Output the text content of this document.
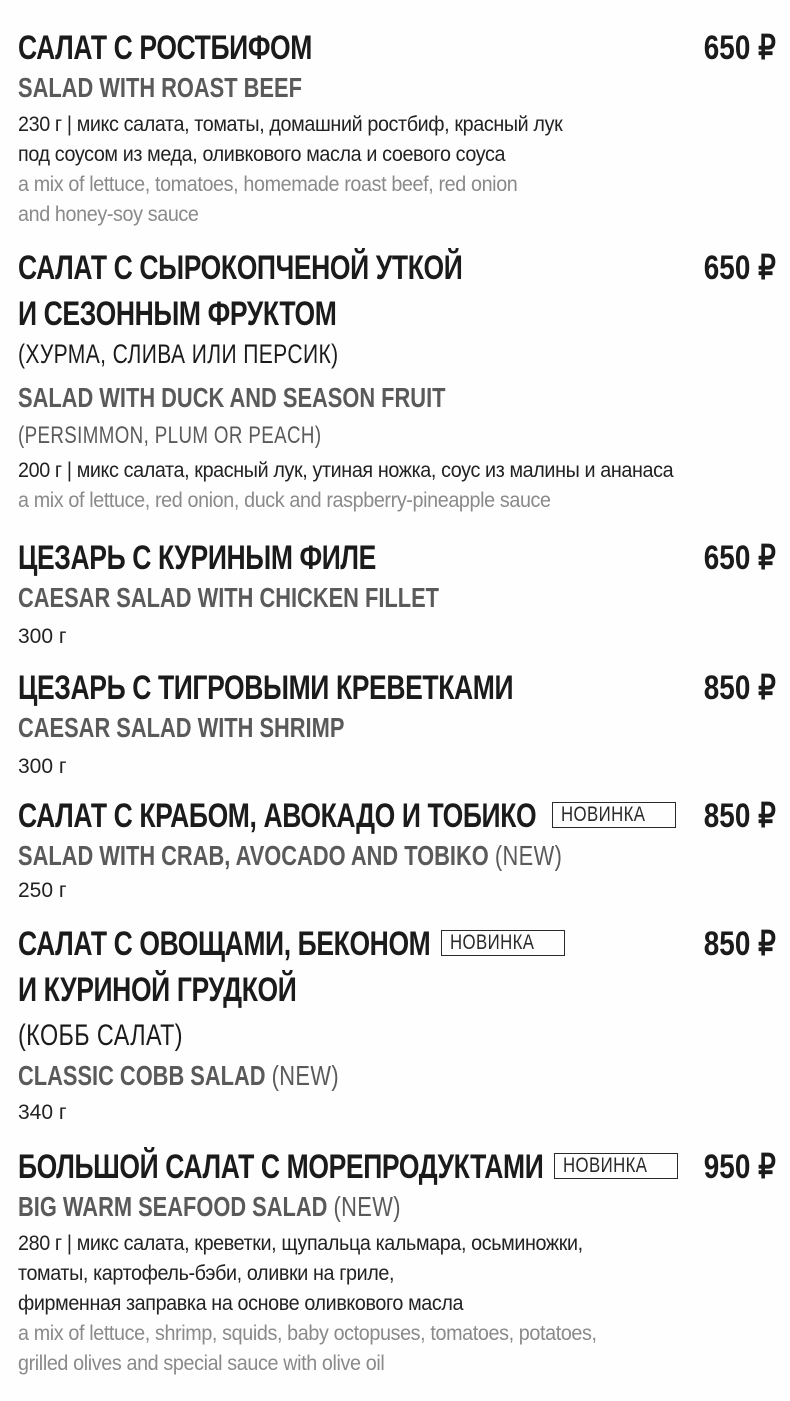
САЛАТ С РОСТБИФОМ
SALAD WITH ROAST BEEF
230 г | микс салата, томаты, домашний ростбиф, красный лук
под соусом из меда, оливкового масла и соевого соуса
a mix of lettuce, tomatoes, homemade roast beef, red onion
and honey-soy sauce
650 ₽
САЛАТ С СЫРОКОПЧЕНОЙ УТКОЙ
И СЕЗОННЫМ ФРУКТОМ
(ХУРМА, СЛИВА ИЛИ ПЕРСИК)
SALAD WITH DUCK AND SEASON FRUIT
(PERSIMMON, PLUM OR PEACH)
200 г | микс салата, красный лук, утиная ножка, соус из малины и ананаса
a mix of lettuce, red onion, duck and raspberry-pineapple sauce
650 ₽
ЦЕЗАРЬ С КУРИНЫМ ФИЛЕ
CAESAR SALAD WITH CHICKEN FILLET
300 г
650 ₽
ЦЕЗАРЬ С ТИГРОВЫМИ КРЕВЕТКАМИ
CAESAR SALAD WITH SHRIMP
300 г
850 ₽
САЛАТ С КРАБОМ, АВОКАДО И ТОБИКО
SALAD WITH CRAB, AVOCADO AND TOBIKO (NEW)
250 г
НОВИНКА	850 ₽
САЛАТ С ОВОЩАМИ, БЕКОНОМ
И КУРИНОЙ ГРУДКОЙ
(КОББ САЛАТ)
CLASSIC COBB SALAD (NEW)
340 г
НОВИНКА	850 ₽
БОЛЬШОЙ САЛАТ С МОРЕПРОДУКТАМИ
BIG WARM SEAFOOD SALAD (NEW)
280 г | микс салата, креветки, щупальца кальмара, осьминожки,
томаты, картофель-бэби, оливки на гриле,
фирменная заправка на основе оливкового масла
a mix of lettuce, shrimp, squids, baby octopuses, tomatoes, potatoes,
grilled olives and special sauce with olive oil
НОВИНКА	950 ₽
